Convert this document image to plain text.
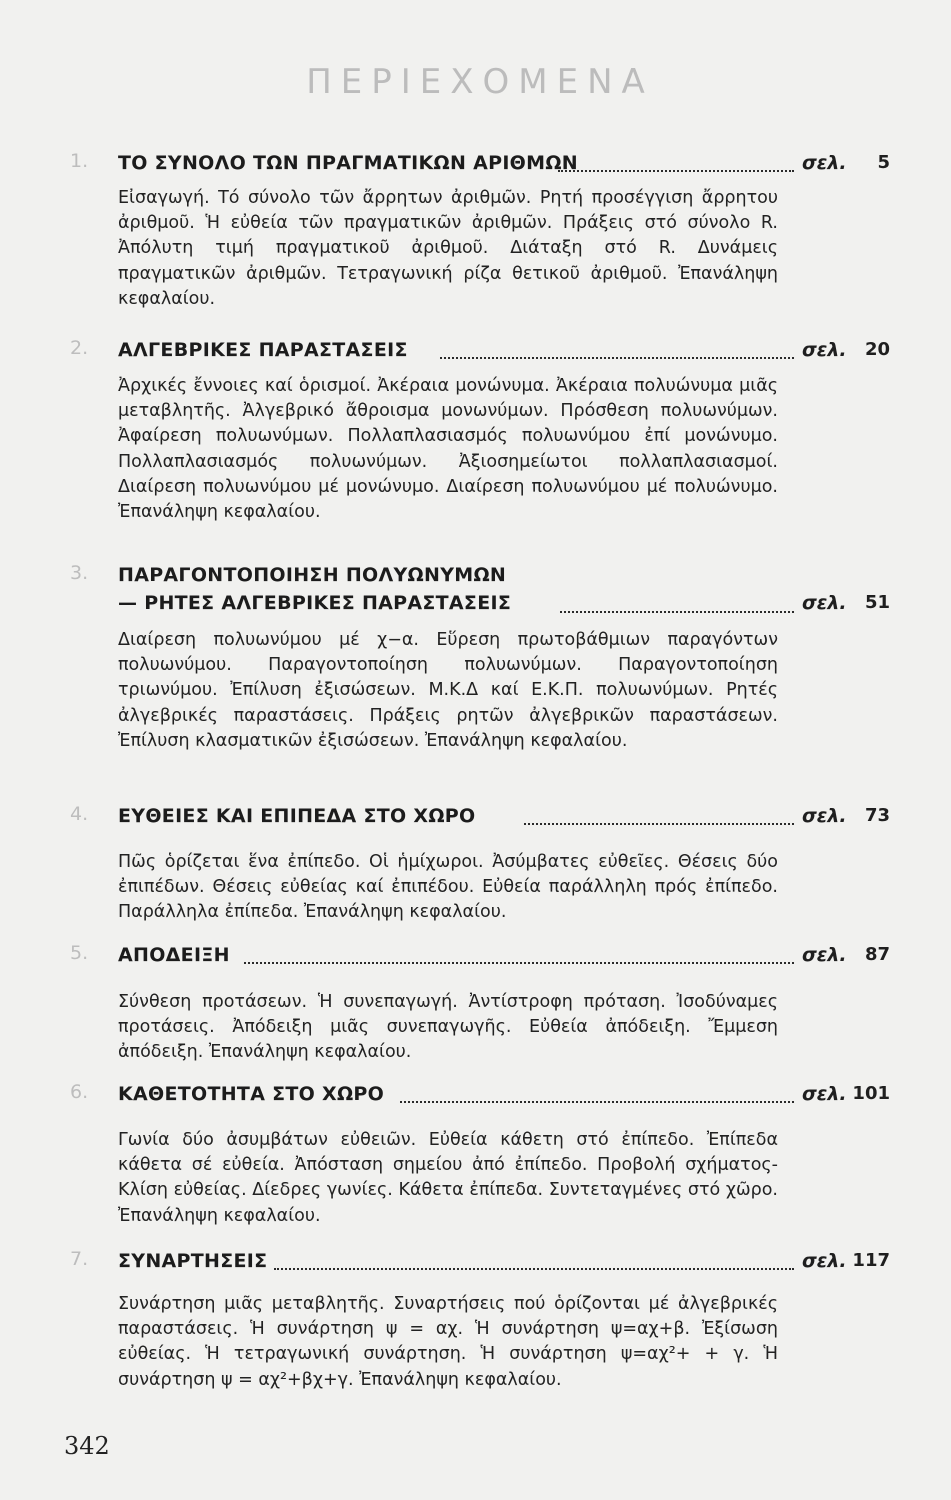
ΠΕΡΙΕΧΟΜΕΝΑ
1. ΤΟ ΣΥΝΟΛΟ ΤΩΝ ΠΡΑΓΜΑΤΙΚΩΝ ΑΡΙΘΜΩΝ	σελ.	5

Εἰσαγωγή. Τό σύνολο τῶν ἄρρητων ἀριθμῶν. Ρητή προσέγγιση ἄρρητου ἀριθμοῦ. Ἡ εὐθεία τῶν πραγματικῶν ἀριθμῶν. Πράξεις στό σύνολο R. Ἀπόλυτη τιμή πραγματικοῦ ἀριθμοῦ. Διάταξη στό R. Δυνάμεις πραγματικῶν ἀριθμῶν. Τετραγωνική ρίζα θετικοῦ ἀριθμοῦ. Ἐπανάληψη κεφαλαίου.

2. ΑΛΓΕΒΡΙΚΕΣ ΠΑΡΑΣΤΑΣΕΙΣ	σελ.	20

Ἀρχικές ἔννοιες καί ὁρισμοί. Ἀκέραια μονώνυμα. Ἀκέραια πολυώνυμα μιᾶς μεταβλητῆς. Ἀλγεβρικό ἄθροισμα μονωνύμων. Πρόσθεση πολυωνύμων. Ἀφαίρεση πολυωνύμων. Πολλαπλασιασμός πολυωνύμου ἐπί μονώνυμο. Πολλαπλασιασμός πολυωνύμων. Ἀξιοσημείωτοι πολλαπλασιασμοί. Διαίρεση πολυωνύμου μέ μονώνυμο. Διαίρεση πολυωνύμου μέ πολυώνυμο. Ἐπανάληψη κεφαλαίου.

3. ΠΑΡΑΓΟΝΤΟΠΟΙΗΣΗ ΠΟΛΥΩΝΥΜΩΝ
— ΡΗΤΕΣ ΑΛΓΕΒΡΙΚΕΣ ΠΑΡΑΣΤΑΣΕΙΣ	σελ.	51

Διαίρεση πολυωνύμου μέ χ−α. Εὕρεση πρωτοβάθμιων παραγόντων πολυωνύμου. Παραγοντοποίηση πολυωνύμων. Παραγοντοποίηση τριωνύμου. Ἐπίλυση ἐξισώσεων. Μ.Κ.Δ καί Ε.Κ.Π. πολυωνύμων. Ρητές ἀλγεβρικές παραστάσεις. Πράξεις ρητῶν ἀλγεβρικῶν παραστάσεων. Ἐπίλυση κλασματικῶν ἐξισώσεων. Ἐπανάληψη κεφαλαίου.

4. ΕΥΘΕΙΕΣ ΚΑΙ ΕΠΙΠΕΔΑ ΣΤΟ ΧΩΡΟ	σελ.	73

Πῶς ὁρίζεται ἕνα ἐπίπεδο. Οἱ ἡμίχωροι. Ἀσύμβατες εὐθεῖες. Θέσεις δύο ἐπιπέδων. Θέσεις εὐθείας καί ἐπιπέδου. Εὐθεία παράλληλη πρός ἐπίπεδο. Παράλληλα ἐπίπεδα. Ἐπανάληψη κεφαλαίου.

5. ΑΠΟΔΕΙΞΗ	σελ.	87

Σύνθεση προτάσεων. Ἡ συνεπαγωγή. Ἀντίστροφη πρόταση. Ἰσοδύναμες προτάσεις. Ἀπόδειξη μιᾶς συνεπαγωγῆς. Εὐθεία ἀπόδειξη. Ἔμμεση ἀπόδειξη. Ἐπανάληψη κεφαλαίου.

6. ΚΑΘΕΤΟΤΗΤΑ ΣΤΟ ΧΩΡΟ	σελ. 101

Γωνία δύο ἀσυμβάτων εὐθειῶν. Εὐθεία κάθετη στό ἐπίπεδο. Ἐπίπεδα κάθετα σέ εὐθεία. Ἀπόσταση σημείου ἀπό ἐπίπεδο. Προβολή σχήματος-Κλίση εὐθείας. Δίεδρες γωνίες. Κάθετα ἐπίπεδα. Συντεταγμένες στό χῶρο. Ἐπανάληψη κεφαλαίου.

7. ΣΥΝΑΡΤΗΣΕΙΣ	σελ. 117

Συνάρτηση μιᾶς μεταβλητῆς. Συναρτήσεις πού ὁρίζονται μέ ἀλγεβρικές παραστάσεις. Ἡ συνάρτηση ψ = αχ. Ἡ συνάρτηση ψ=αχ+β. Ἐξίσωση εὐθείας. Ἡ τετραγωνική συνάρτηση. Ἡ συνάρτηση ψ=αχ²+ + γ. Ἡ συνάρτηση ψ = αχ²+βχ+γ. Ἐπανάληψη κεφαλαίου.

342
